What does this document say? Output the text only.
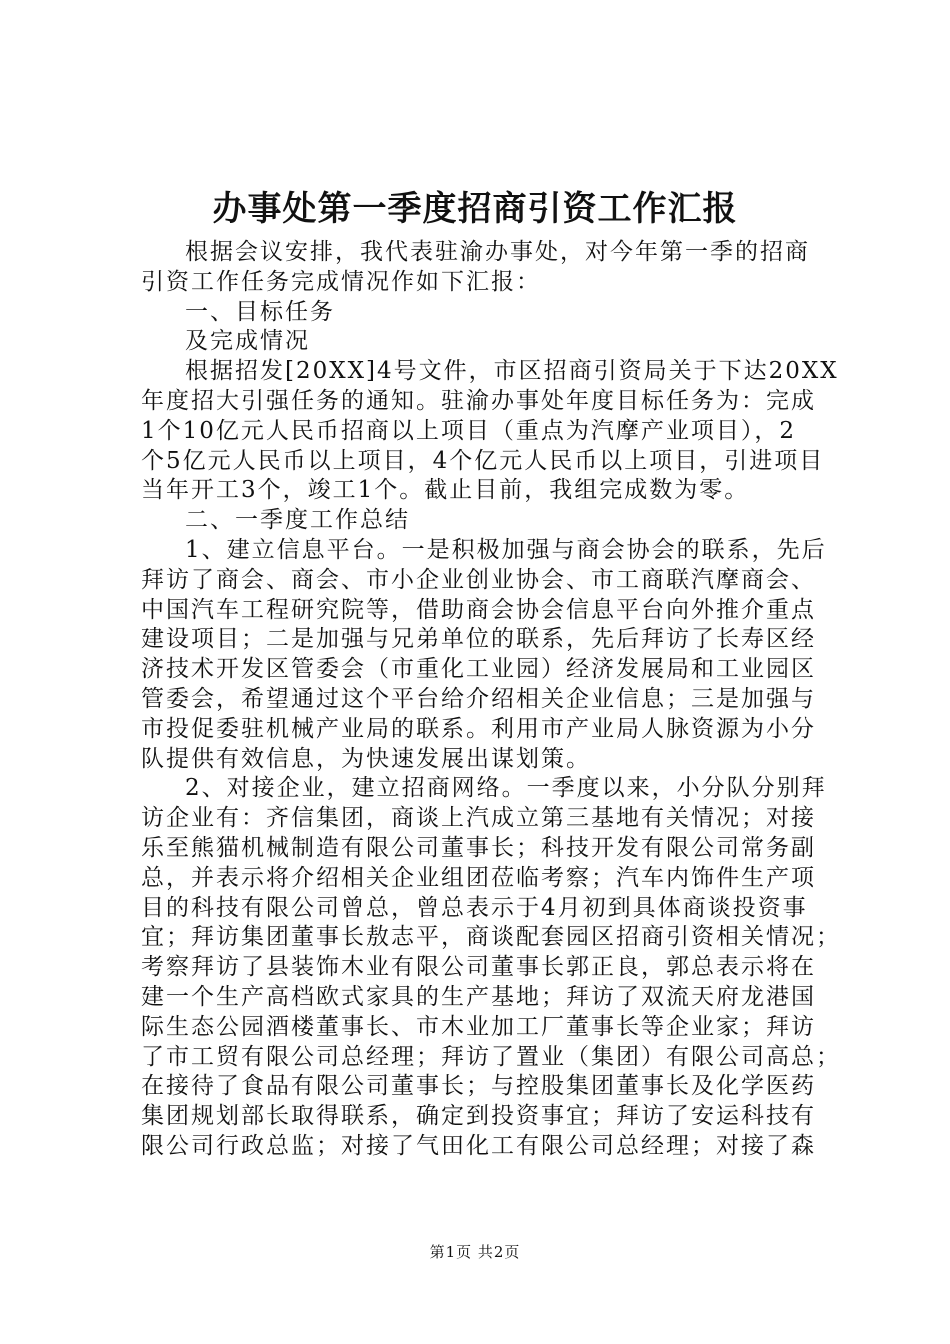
办事处第一季度招商引资工作汇报
根据会议安排，我代表驻渝办事处，对今年第一季的招商
引资工作任务完成情况作如下汇报：
一、目标任务
及完成情况
根据招发[20XX]4号文件，市区招商引资局关于下达20XX
年度招大引强任务的通知。驻渝办事处年度目标任务为：完成
1个10亿元人民币招商以上项目（重点为汽摩产业项目），2
个5亿元人民币以上项目，4个亿元人民币以上项目，引进项目
当年开工3个，竣工1个。截止目前，我组完成数为零。
二、一季度工作总结
1、建立信息平台。一是积极加强与商会协会的联系，先后
拜访了商会、商会、市小企业创业协会、市工商联汽摩商会、
中国汽车工程研究院等，借助商会协会信息平台向外推介重点
建设项目；二是加强与兄弟单位的联系，先后拜访了长寿区经
济技术开发区管委会（市重化工业园）经济发展局和工业园区
管委会，希望通过这个平台给介绍相关企业信息；三是加强与
市投促委驻机械产业局的联系。利用市产业局人脉资源为小分
队提供有效信息，为快速发展出谋划策。
2、对接企业，建立招商网络。一季度以来，小分队分别拜
访企业有：齐信集团，商谈上汽成立第三基地有关情况；对接
乐至熊猫机械制造有限公司董事长；科技开发有限公司常务副
总，并表示将介绍相关企业组团莅临考察；汽车内饰件生产项
目的科技有限公司曾总，曾总表示于4月初到具体商谈投资事
宜；拜访集团董事长敖志平，商谈配套园区招商引资相关情况；
考察拜访了县装饰木业有限公司董事长郭正良，郭总表示将在
建一个生产高档欧式家具的生产基地；拜访了双流天府龙港国
际生态公园酒楼董事长、市木业加工厂董事长等企业家；拜访
了市工贸有限公司总经理；拜访了置业（集团）有限公司高总；
在接待了食品有限公司董事长；与控股集团董事长及化学医药
集团规划部长取得联系，确定到投资事宜；拜访了安运科技有
限公司行政总监；对接了气田化工有限公司总经理；对接了森
第1页 共2页
